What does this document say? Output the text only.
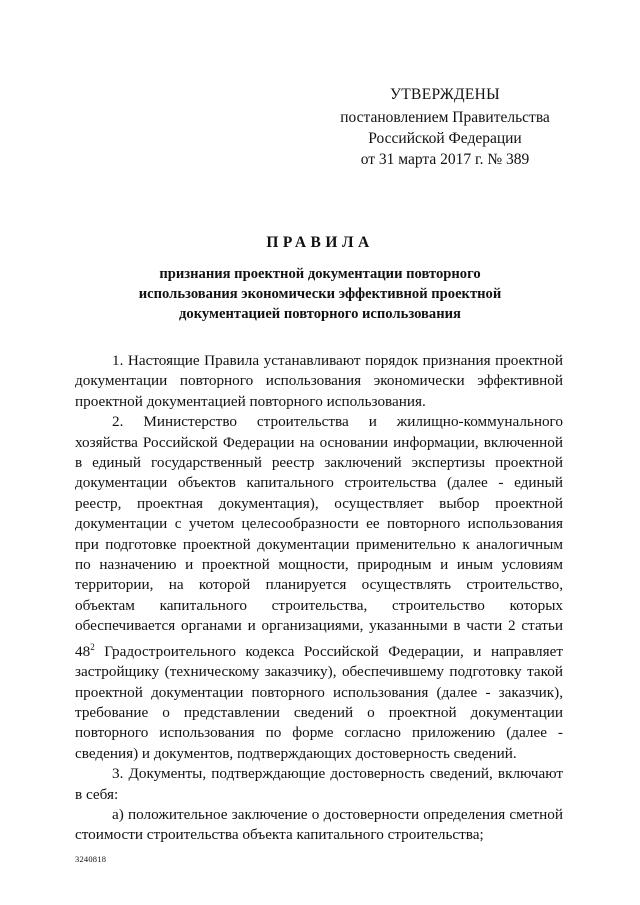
УТВЕРЖДЕНЫ
постановлением Правительства
Российской Федерации
от 31 марта 2017 г. № 389
ПРАВИЛА
признания проектной документации повторного использования экономически эффективной проектной документацией повторного использования

1. Настоящие Правила устанавливают порядок признания проектной документации повторного использования экономически эффективной проектной документацией повторного использования.

2. Министерство строительства и жилищно-коммунального хозяйства Российской Федерации на основании информации, включенной в единый государственный реестр заключений экспертизы проектной документации объектов капитального строительства (далее - единый реестр, проектная документация), осуществляет выбор проектной документации с учетом целесообразности ее повторного использования при подготовке проектной документации применительно к аналогичным по назначению и проектной мощности, природным и иным условиям территории, на которой планируется осуществлять строительство, объектам капитального строительства, строительство которых обеспечивается органами и организациями, указанными в части 2 статьи $48^2$ Градостроительного кодекса Российской Федерации, и направляет застройщику (техническому заказчику), обеспечившему подготовку такой проектной документации повторного использования (далее - заказчик), требование о представлении сведений о проектной документации повторного использования по форме согласно приложению (далее - сведения) и документов, подтверждающих достоверность сведений.

3. Документы, подтверждающие достоверность сведений, включают в себя:

а) положительное заключение о достоверности определения сметной стоимости строительства объекта капитального строительства;

3240818
